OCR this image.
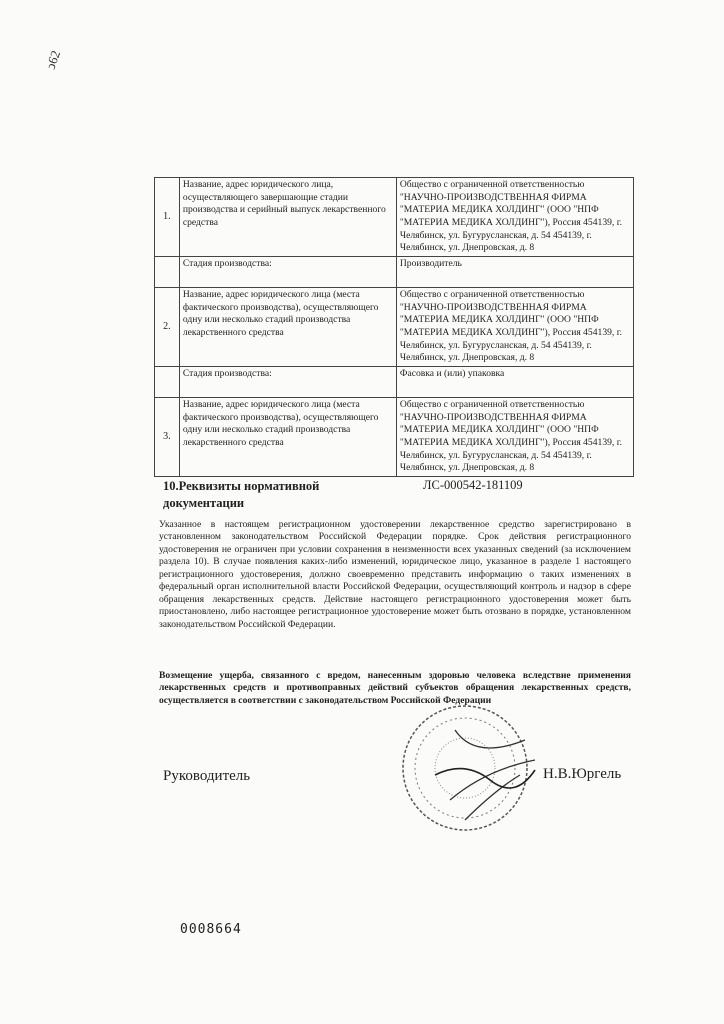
ↄ62
1.	Название, адрес юридического лица, осуществляющего завершающие стадии производства и серийный выпуск лекарственного средства	Общество с ограниченной ответственностью "НАУЧНО-ПРОИЗВОДСТВЕННАЯ ФИРМА "МАТЕРИА МЕДИКА ХОЛДИНГ" (ООО "НПФ "МАТЕРИА МЕДИКА ХОЛДИНГ"), Россия 454139, г. Челябинск, ул. Бугурусланская, д. 54 454139, г. Челябинск, ул. Днепровская, д. 8
	Стадия производства:	Производитель
2.	Название, адрес юридического лица (места фактического производства), осуществляющего одну или несколько стадий производства лекарственного средства	Общество с ограниченной ответственностью "НАУЧНО-ПРОИЗВОДСТВЕННАЯ ФИРМА "МАТЕРИА МЕДИКА ХОЛДИНГ" (ООО "НПФ "МАТЕРИА МЕДИКА ХОЛДИНГ"), Россия 454139, г. Челябинск, ул. Бугурусланская, д. 54 454139, г. Челябинск, ул. Днепровская, д. 8
	Стадия производства:	Фасовка и (или) упаковка
3.	Название, адрес юридического лица (места фактического производства), осуществляющего одну или несколько стадий производства лекарственного средства	Общество с ограниченной ответственностью "НАУЧНО-ПРОИЗВОДСТВЕННАЯ ФИРМА "МАТЕРИА МЕДИКА ХОЛДИНГ" (ООО "НПФ "МАТЕРИА МЕДИКА ХОЛДИНГ"), Россия 454139, г. Челябинск, ул. Бугурусланская, д. 54 454139, г. Челябинск, ул. Днепровская, д. 8
10.Реквизиты нормативной документации
ЛС-000542-181109
Указанное в настоящем регистрационном удостоверении лекарственное средство зарегистрировано в установленном законодательством Российской Федерации порядке. Срок действия регистрационного удостоверения не ограничен при условии сохранения в неизменности всех указанных сведений (за исключением раздела 10). В случае появления каких-либо изменений, юридическое лицо, указанное в разделе 1 настоящего регистрационного удостоверения, должно своевременно представить информацию о таких изменениях в федеральный орган исполнительной власти Российской Федерации, осуществляющий контроль и надзор в сфере обращения лекарственных средств. Действие настоящего регистрационного удостоверения может быть приостановлено, либо настоящее регистрационное удостоверение может быть отозвано в порядке, установленном законодательством Российской Федерации.
Возмещение ущерба, связанного с вредом, нанесенным здоровью человека вследствие применения лекарственных средств и противоправных действий субъектов обращения лекарственных средств, осуществляется в соответствии с законодательством Российской Федерации
Руководитель	Н.В.Юргель
0008664
